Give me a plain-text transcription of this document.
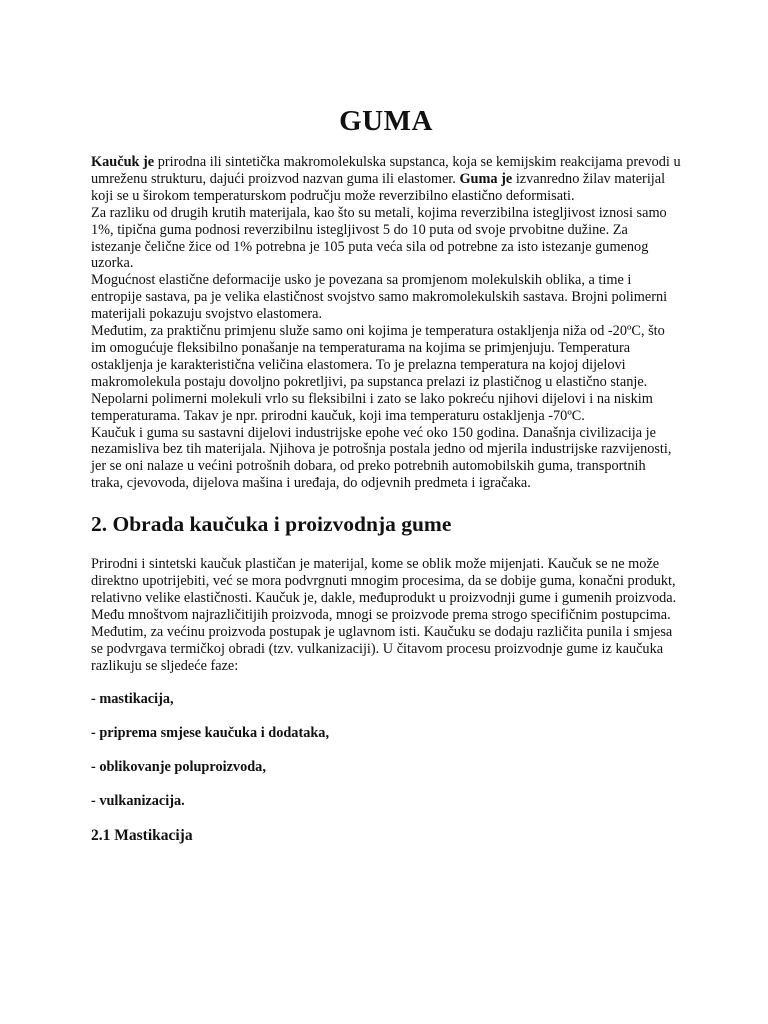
GUMA

Kaučuk je prirodna ili sintetička makromolekulska supstanca, koja se kemijskim reakcijama prevodi u umreženu strukturu, dajući proizvod nazvan guma ili elastomer. Guma je izvanredno žilav materijal koji se u širokom temperaturskom području može reverzibilno elastično deformisati.

Za razliku od drugih krutih materijala, kao što su metali, kojima reverzibilna istegljivost iznosi samo 1%, tipična guma podnosi reverzibilnu istegljivost 5 do 10 puta od svoje prvobitne dužine. Za istezanje čelične žice od 1% potrebna je 105 puta veća sila od potrebne za isto istezanje gumenog uzorka.

Mogućnost elastične deformacije usko je povezana sa promjenom molekulskih oblika, a time i entropije sastava, pa je velika elastičnost svojstvo samo makromolekulskih sastava. Brojni polimerni materijali pokazuju svojstvo elastomera.

Međutim, za praktičnu primjenu služe samo oni kojima je temperatura ostakljenja niža od -20ºC, što im omogućuje fleksibilno ponašanje na temperaturama na kojima se primjenjuju. Temperatura ostakljenja je karakteristična veličina elastomera. To je prelazna temperatura na kojoj dijelovi makromolekula postaju dovoljno pokretljivi, pa supstanca prelazi iz plastičnog u elastično stanje.

Nepolarni polimerni molekuli vrlo su fleksibilni i zato se lako pokreću njihovi dijelovi i na niskim temperaturama. Takav je npr. prirodni kaučuk, koji ima temperaturu ostakljenja -70ºC.

Kaučuk i guma su sastavni dijelovi industrijske epohe već oko 150 godina. Današnja civilizacija je nezamisliva bez tih materijala. Njihova je potrošnja postala jedno od mjerila industrijske razvijenosti, jer se oni nalaze u većini potrošnih dobara, od preko potrebnih automobilskih guma, transportnih traka, cjevovoda, dijelova mašina i uređaja, do odjevnih predmeta i igračaka.

2. Obrada kaučuka i proizvodnja gume

Prirodni i sintetski kaučuk plastičan je materijal, kome se oblik može mijenjati. Kaučuk se ne može direktno upotrijebiti, već se mora podvrgnuti mnogim procesima, da se dobije guma, konačni produkt, relativno velike elastičnosti. Kaučuk je, dakle, međuprodukt u proizvodnji gume i gumenih proizvoda.

Među mnoštvom najrazličitijih proizvoda, mnogi se proizvode prema strogo specifičnim postupcima. Međutim, za većinu proizvoda postupak je uglavnom isti. Kaučuku se dodaju različita punila i smjesa se podvrgava termičkoj obradi (tzv. vulkanizaciji). U čitavom procesu proizvodnje gume iz kaučuka razlikuju se sljedeće faze:

- mastikacija,
- priprema smjese kaučuka i dodataka,
- oblikovanje poluproizvoda,
- vulkanizacija.
2.1 Mastikacija
